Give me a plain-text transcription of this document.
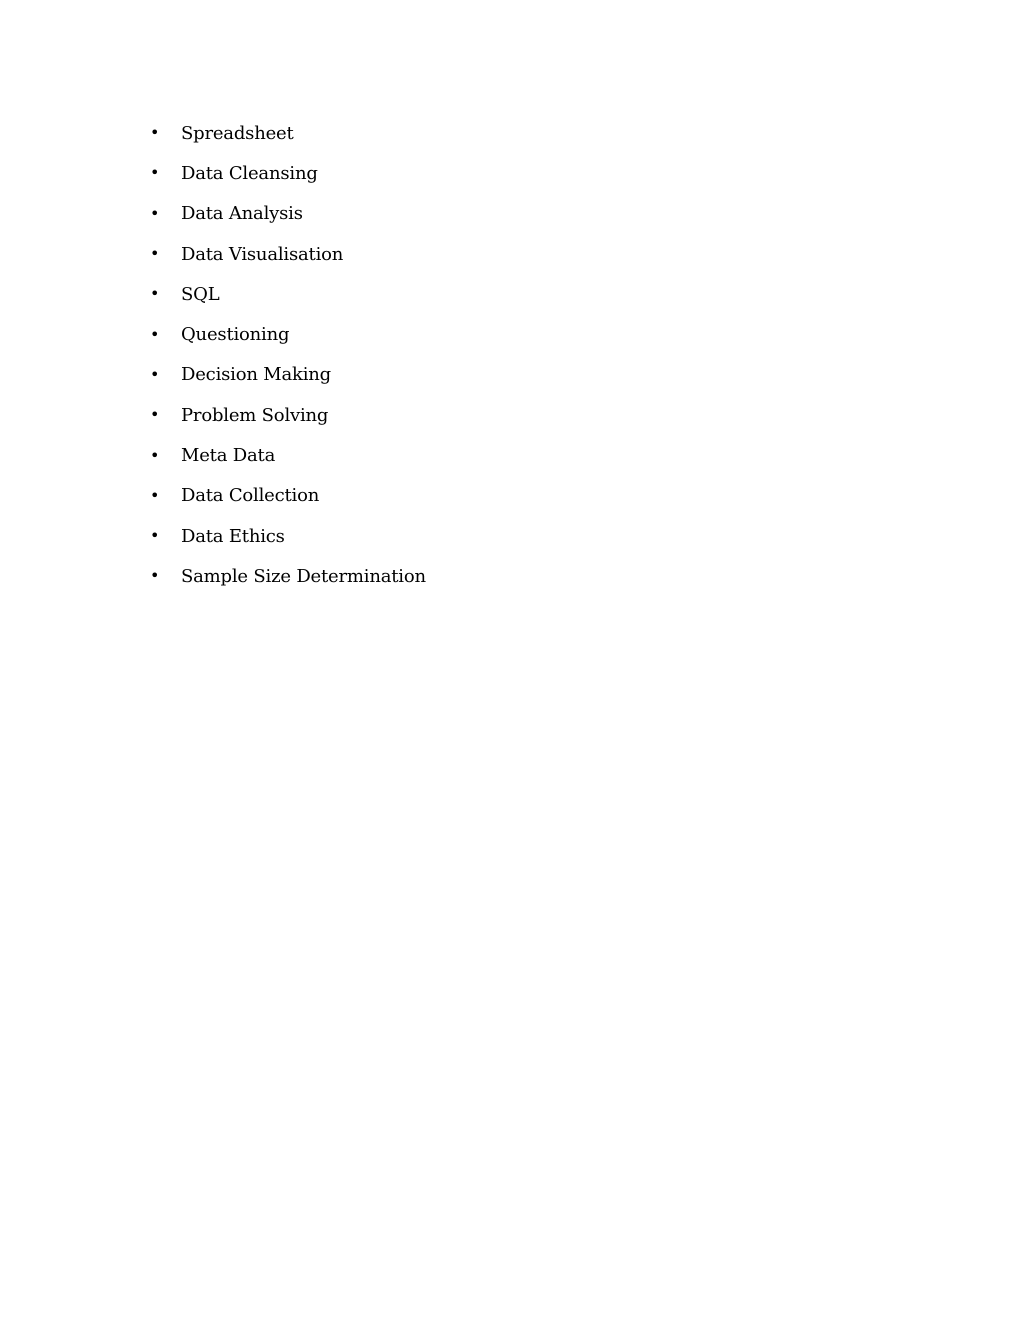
•	Spreadsheet
•	Data Cleansing
•	Data Analysis
•	Data Visualisation
•	SQL
•	Questioning
•	Decision Making
•	Problem Solving
•	Meta Data
•	Data Collection
•	Data Ethics
•	Sample Size Determination
